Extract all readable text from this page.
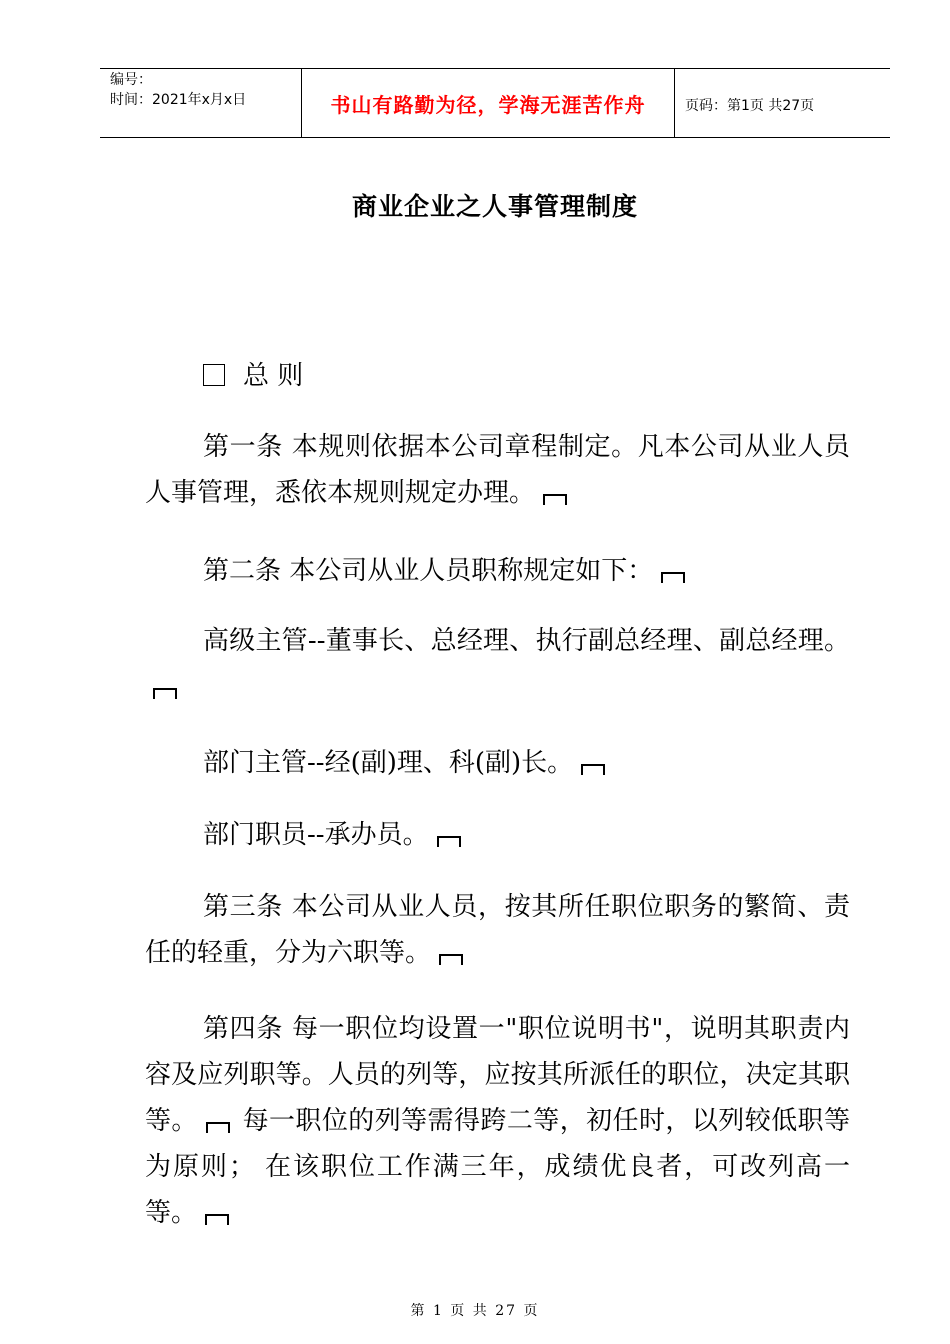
编号：
时间：2021年x月x日	书山有路勤为径，学海无涯苦作舟	页码：第1页 共27页
商业企业之人事管理制度
总 则

第一条 本规则依据本公司章程制定。凡本公司从业人员人事管理，悉依本规则规定办理。

第二条 本公司从业人员职称规定如下：

高级主管--董事长、总经理、执行副总经理、副总经理。

部门主管--经(副)理、科(副)长。

部门职员--承办员。

第三条 本公司从业人员，按其所任职位职务的繁简、责任的轻重，分为六职等。

第四条 每一职位均设置一"职位说明书"，说明其职责内容及应列职等。人员的列等，应按其所派任的职位，决定其职等。 每一职位的列等需得跨二等，初任时，以列较低职等为原则； 在该职位工作满三年，成绩优良者，可改列高一等。

第 1 页 共 27 页
